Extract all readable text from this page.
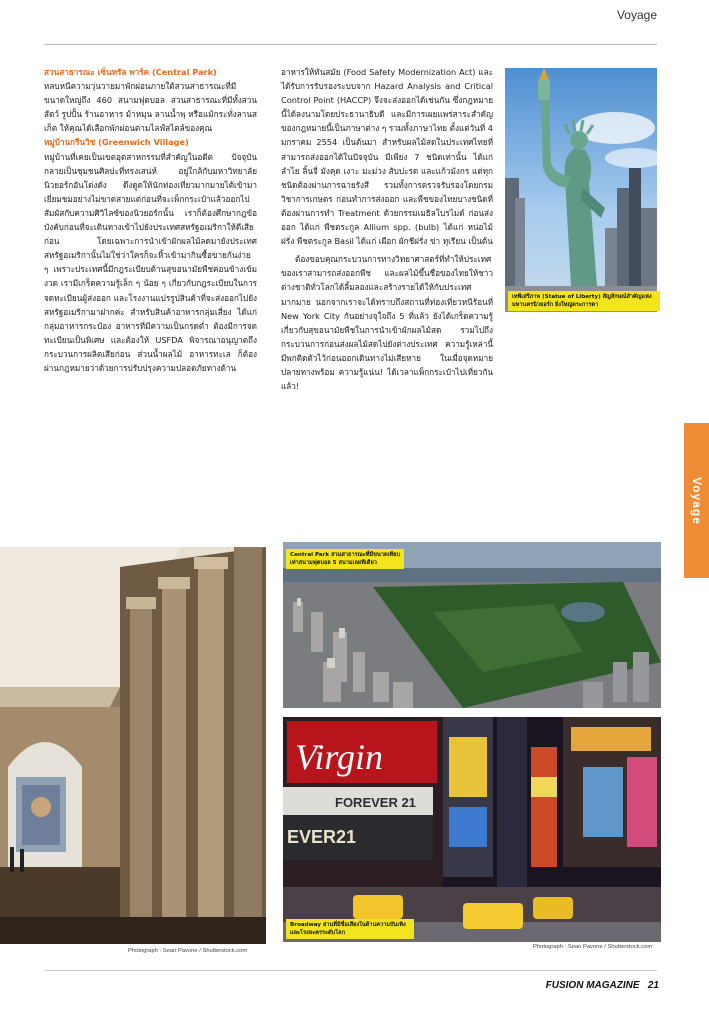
Voyage

สวนสาธารณะ เซ็นทรัล พาร์ค (Central Park)

หลบหนีความวุ่นวายมาพักผ่อนภายใต้สวนสาธารณะที่มีขนาดใหญ่ถึง 460 สนามฟุตบอล สวนสาธารณะที่มีทั้งสวนสัตว์ รูปปั้น ร้านอาหาร ม้าหมุน ลานน้ำพุ หรือแม้กระทั่งลานสเก็ต ให้คุณได้เลือกพักผ่อนตามไลฟ์สไตล์ของคุณ

หมู่บ้านกรีนวิช (Greenwich Village)

หมู่บ้านที่เคยเป็นเขตอุตสาหกรรมที่สำคัญในอดีต ปัจจุบันกลายเป็นชุมชนศิลปะที่ทรงเสน่ห์ อยู่ใกล้กับมหาวิทยาลัยนิวยอร์กอันโด่งดัง ดึงดูดให้นักท่องเที่ยวมากมายได้เข้ามาเยี่ยมชมอย่างไม่ขาดสายแต่ก่อนที่จะเพ็กกระเป๋าแล้วออกไปสัมผัสกับความศิวิไลซ์ของนิวยอร์กนั้น เราก็ต้องศึกษากฎข้อบังคับก่อนที่จะเดินทางเข้าไปยังประเทศสหรัฐอเมริกาให้ดีเสียก่อน โดยเฉพาะการนำเข้าผักผลไม้ลดมายังประเทศสหรัฐอเมริกานั้นไม่ใช่ว่าใครก็จะหิ้วเข้ามากินซื้อขายกันง่าย ๆ เพราะประเทศนี้มีกฎระเบียบด้านสุขอนามัยพืชค่อนข้างเข้มงวด เรามีเกร็ดความรู้เล็ก ๆ น้อย ๆ เกี่ยวกับกฎระเบียบในการจดทะเบียนผู้ส่งออก และโรงงานแปรรูปสินค้าที่จะส่งออกไปยังสหรัฐอเมริกามาฝากค่ะ สำหรับสินค้าอาหารกลุ่มเสี่ยง ได้แก่ กลุ่มอาหารกระป๋อง อาหารที่มีความเป็นกรดต่ำ ต้องมีการจดทะเบียนเป็นพิเศษ และต้องให้ USFDA พิจารณาอนุญาตถึงกระบวนการผลิตเสียก่อน ส่วนน้ำผลไม้ อาหารทะเล ก็ต้องผ่านกฎหมายว่าด้วยการปรับปรุงความปลอดภัยทางด้าน

อาหารให้ทันสมัย (Food Safety Modernization Act) และได้รับการรับรองระบบจาก Hazard Analysis and Critical Control Point (HACCP) จึงจะส่งออกได้เช่นกัน ซึ่งกฎหมายนี้ได้ลงนามโดยประธานาธิบดี และมีการเผยแพร่สาระสำคัญของกฎหมายนี้เป็นภาษาต่าง ๆ รวมทั้งภาษาไทย ตั้งแต่วันที่ 4 มกราคม 2554 เป็นต้นมา สำหรับผลไม้สดในประเทศไทยที่สามารถส่งออกได้ในปัจจุบัน มีเพียง 7 ชนิดเท่านั้น ได้แก่ ลำไย ลิ้นจี่ มังคุด เงาะ มะม่วง สับปะรด และแก้วมังกร แต่ทุกชนิดต้องผ่านการฉายรังสี รวมทั้งการตรวจรับรองโดยกรมวิชาการเกษตร ก่อนทำการส่งออก และพืชของไทยบางชนิดที่ต้องผ่านการทำ Treatment ด้วยกรรมเมธิลโบรไมด์ ก่อนส่งออก ได้แก่ พืชตระกูล Allium spp. (bulb) ได้แก่ หน่อไม้ฝรั่ง พืชตระกูล Basil ได้แก่ เผือก ผักชีฝรั่ง ข่า ทุเรียน เป็นต้น

ต้องขอบคุณกระบวนการทางวิทยาศาสตร์ที่ทำให้ประเทศของเราสามารถส่งออกพืช และผลไม้ขึ้นชื่อของไทยให้ชาวต่างชาติทั่วโลกได้ลิ้มลองและสร้างรายได้ให้กับประเทศมากมาย นอกจากเราจะได้ทราบถึงสถานที่ท่องเที่ยวหนีร้อนที่ New York City กันอย่างจุใจถึง 5 ที่แล้ว ยังได้เกร็ดความรู้เกี่ยวกับสุขอนามัยพืชในการนำเข้าผักผลไม้สด รวมไปถึงกระบวนการก่อนส่งผลไม้สดไปยังต่างประเทศ ความรู้เหล่านี้มีพกติดตัวไว้ก่อนออกเดินทางไม่เสียหาย ในเมื่อจุดหมายปลายทางพร้อม ความรู้แน่น! ได้เวลาแพ็กกระเป๋าไปเที่ยวกันแล้ว!

เทพีเสรีภาพ (Statue of Liberty) สัญลักษณ์สำคัญแห่งมหานครนิวยอร์ก ยิ่งใหญ่ตระการตา
Photograph : Sean Pavone / Shutterstock.com
Central Park สวนสาธารณะที่มีขนาดเทียบเท่าสนามฟุตบอล 5 สนามเลยทีเดียว
Virgin
FOREVER 21
EVER21
Broadway ย่านที่มีชื่อเสียงในด้านความบันเทิงและโรงละครระดับโลก
Photograph : Sean Pavone / Shutterstock.com
Voyage
FUSION MAGAZINE 21
